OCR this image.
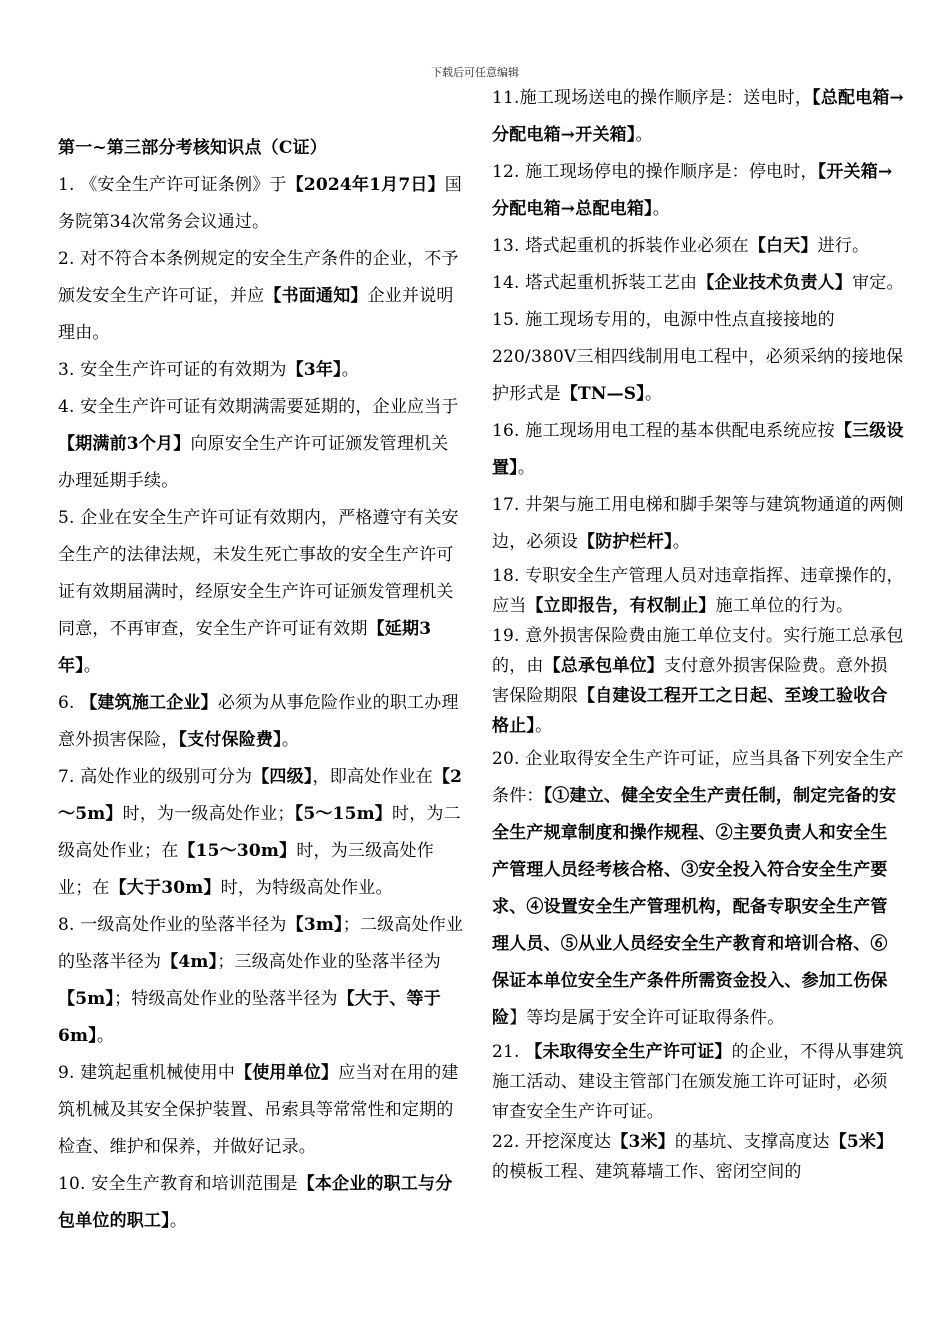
下载后可任意编辑
第一~第三部分考核知识点（C证）
1. 《安全生产许可证条例》于【2024年1月7日】国务院第34次常务会议通过。
2. 对不符合本条例规定的安全生产条件的企业，不予颁发安全生产许可证，并应【书面通知】企业并说明理由。
3. 安全生产许可证的有效期为【3年】。
4. 安全生产许可证有效期满需要延期的，企业应当于【期满前3个月】向原安全生产许可证颁发管理机关办理延期手续。
5. 企业在安全生产许可证有效期内，严格遵守有关安全生产的法律法规，未发生死亡事故的安全生产许可证有效期届满时，经原安全生产许可证颁发管理机关同意，不再审查，安全生产许可证有效期【延期3年】。
6. 【建筑施工企业】必须为从事危险作业的职工办理意外损害保险，【支付保险费】。
7. 高处作业的级别可分为【四级】，即高处作业在【2～5m】时，为一级高处作业；【5～15m】时，为二级高处作业；在【15～30m】时，为三级高处作业；在【大于30m】时，为特级高处作业。
8. 一级高处作业的坠落半径为【3m】；二级高处作业的坠落半径为【4m】；三级高处作业的坠落半径为【5m】；特级高处作业的坠落半径为【大于、等于6m】。
9. 建筑起重机械使用中【使用单位】应当对在用的建筑机械及其安全保护装置、吊索具等常常性和定期的检查、维护和保养，并做好记录。
10. 安全生产教育和培训范围是【本企业的职工与分包单位的职工】。
11.施工现场送电的操作顺序是：送电时，【总配电箱→分配电箱→开关箱】。
12. 施工现场停电的操作顺序是：停电时，【开关箱→分配电箱→总配电箱】。
13. 塔式起重机的拆装作业必须在【白天】进行。
14. 塔式起重机拆装工艺由【企业技术负责人】审定。
15. 施工现场专用的，电源中性点直接接地的220/380V三相四线制用电工程中，必须采纳的接地保护形式是【TN—S】。
16. 施工现场用电工程的基本供配电系统应按【三级设置】。
17. 井架与施工用电梯和脚手架等与建筑物通道的两侧边，必须设【防护栏杆】。
18. 专职安全生产管理人员对违章指挥、违章操作的，应当【立即报告，有权制止】施工单位的行为。
19. 意外损害保险费由施工单位支付。实行施工总承包的，由【总承包单位】支付意外损害保险费。意外损害保险期限【自建设工程开工之日起、至竣工验收合格止】。
20. 企业取得安全生产许可证，应当具备下列安全生产条件：【①建立、健全安全生产责任制，制定完备的安全生产规章制度和操作规程、②主要负责人和安全生产管理人员经考核合格、③安全投入符合安全生产要求、④设置安全生产管理机构，配备专职安全生产管理人员、⑤从业人员经安全生产教育和培训合格、⑥保证本单位安全生产条件所需资金投入、参加工伤保险】等均是属于安全许可证取得条件。
21. 【未取得安全生产许可证】的企业，不得从事建筑施工活动、建设主管部门在颁发施工许可证时，必须审查安全生产许可证。
22. 开挖深度达【3米】的基坑、支撑高度达【5米】的模板工程、建筑幕墙工作、密闭空间的
